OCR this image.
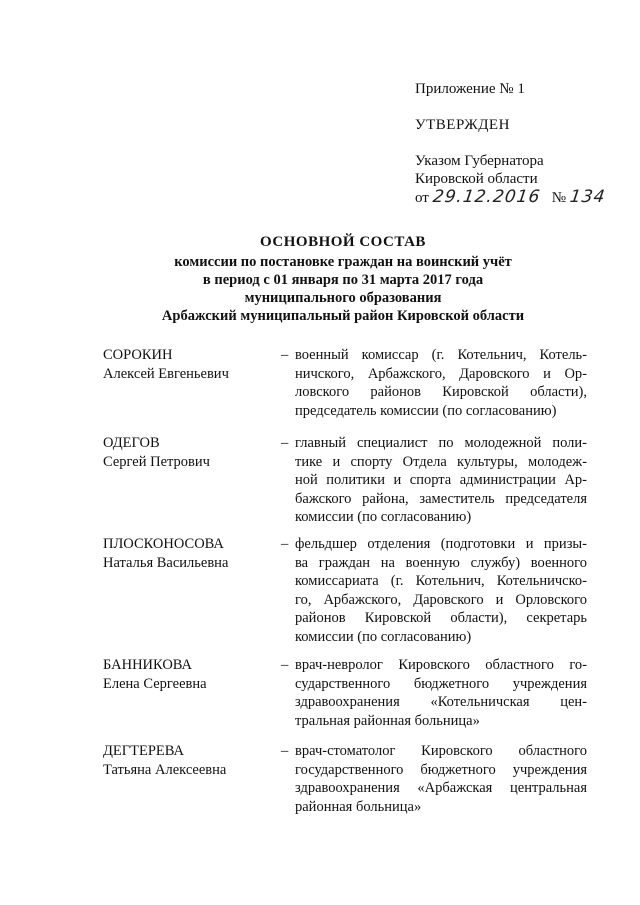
Приложение № 1
УТВЕРЖДЕН
Указом Губернатора
Кировской области
от 29.12.2016 № 134
ОСНОВНОЙ СОСТАВ
комиссии по постановке граждан на воинский учёт
в период с 01 января по 31 марта 2017 года
муниципального образования
Арбажский муниципальный район Кировской области
СОРОКИН
Алексей Евгеньевич
– военный комиссар (г. Котельнич, Котель-
ничского, Арбажского, Даровского и Ор-
ловского районов Кировской области),
председатель комиссии (по согласованию)
ОДЕГОВ
Сергей Петрович
– главный специалист по молодежной поли-
тике и спорту Отдела культуры, молодеж-
ной политики и спорта администрации Ар-
бажского района, заместитель председателя
комиссии (по согласованию)
ПЛОСКОНОСОВА
Наталья Васильевна
– фельдшер отделения (подготовки и призы-
ва граждан на военную службу) военного
комиссариата (г. Котельнич, Котельничско-
го, Арбажского, Даровского и Орловского
районов Кировской области), секретарь
комиссии (по согласованию)
БАННИКОВА
Елена Сергеевна
– врач-невролог Кировского областного го-
сударственного бюджетного учреждения
здравоохранения «Котельничская цен-
тральная районная больница»
ДЕГТЕРЕВА
Татьяна Алексеевна
– врач-стоматолог Кировского областного
государственного бюджетного учреждения
здравоохранения «Арбажская центральная
районная больница»
